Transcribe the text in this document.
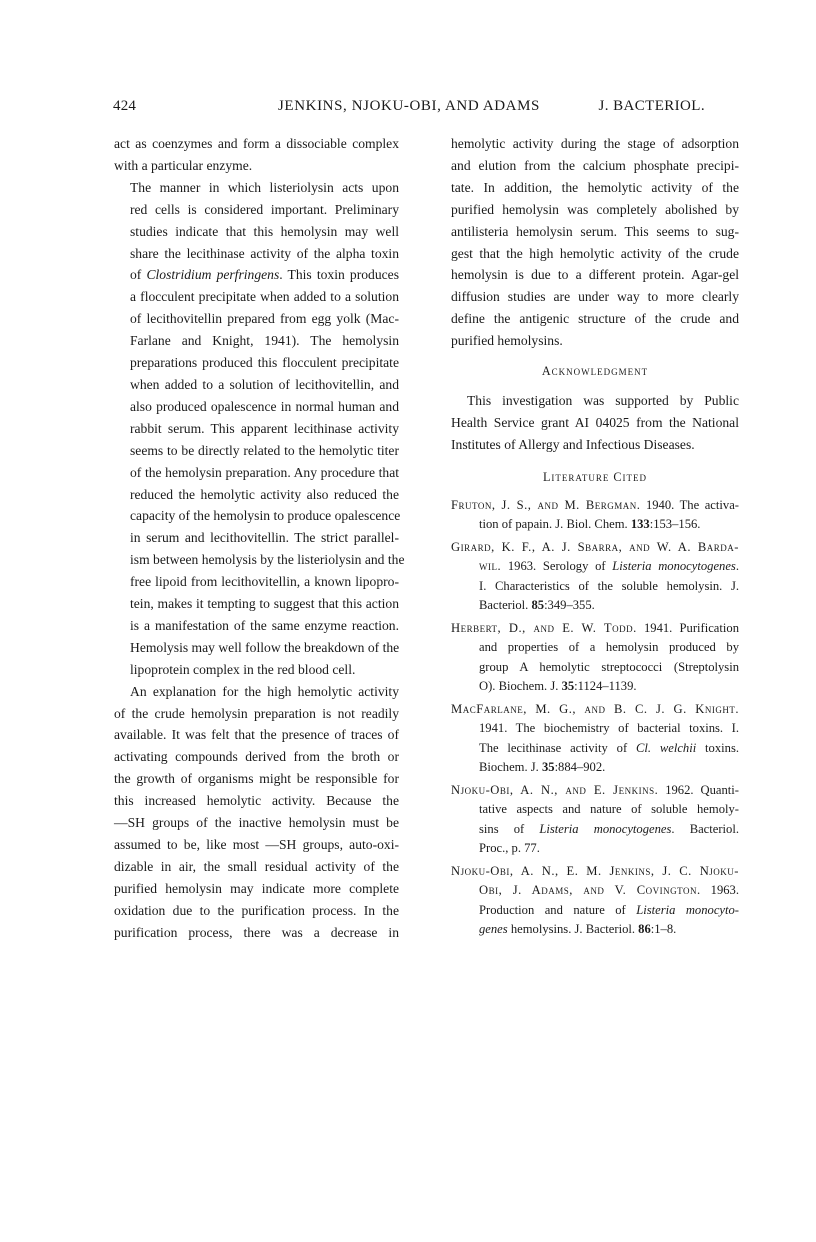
424	JENKINS, NJOKU-OBI, AND ADAMS	J. BACTERIOL.

act as coenzymes and form a dissociable complex
with a particular enzyme.

The manner in which listeriolysin acts upon
red cells is considered important. Preliminary
studies indicate that this hemolysin may well
share the lecithinase activity of the alpha toxin
of Clostridium perfringens. This toxin produces
a flocculent precipitate when added to a solution
of lecithovitellin prepared from egg yolk (Mac-
Farlane and Knight, 1941). The hemolysin
preparations produced this flocculent precipitate
when added to a solution of lecithovitellin, and
also produced opalescence in normal human and
rabbit serum. This apparent lecithinase activity
seems to be directly related to the hemolytic titer
of the hemolysin preparation. Any procedure that
reduced the hemolytic activity also reduced the
capacity of the hemolysin to produce opalescence
in serum and lecithovitellin. The strict parallel-
ism between hemolysis by the listeriolysin and the
free lipoid from lecithovitellin, a known lipopro-
tein, makes it tempting to suggest that this action
is a manifestation of the same enzyme reaction.
Hemolysis may well follow the breakdown of the
lipoprotein complex in the red blood cell.

An explanation for the high hemolytic activity
of the crude hemolysin preparation is not readily
available. It was felt that the presence of traces of
activating compounds derived from the broth or
the growth of organisms might be responsible for
this increased hemolytic activity. Because the
—SH groups of the inactive hemolysin must be
assumed to be, like most —SH groups, auto-oxi-
dizable in air, the small residual activity of the
purified hemolysin may indicate more complete
oxidation due to the purification process. In the
purification process, there was a decrease in

hemolytic activity during the stage of adsorption
and elution from the calcium phosphate precipi-
tate. In addition, the hemolytic activity of the
purified hemolysin was completely abolished by
antilisteria hemolysin serum. This seems to sug-
gest that the high hemolytic activity of the crude
hemolysin is due to a different protein. Agar-gel
diffusion studies are under way to more clearly
define the antigenic structure of the crude and
purified hemolysins.

Acknowledgment

This investigation was supported by Public
Health Service grant AI 04025 from the National
Institutes of Allergy and Infectious Diseases.

Literature Cited
Fruton, J. S., and M. Bergman. 1940. The activa-
tion of papain. J. Biol. Chem. 133:153–156.
Girard, K. F., A. J. Sbarra, and W. A. Barda-
wil. 1963. Serology of Listeria monocytogenes.
I. Characteristics of the soluble hemolysin. J.
Bacteriol. 85:349–355.
Herbert, D., and E. W. Todd. 1941. Purification
and properties of a hemolysin produced by
group A hemolytic streptococci (Streptolysin
O). Biochem. J. 35:1124–1139.
MacFarlane, M. G., and B. C. J. G. Knight.
1941. The biochemistry of bacterial toxins. I.
The lecithinase activity of Cl. welchii toxins.
Biochem. J. 35:884–902.
Njoku-Obi, A. N., and E. Jenkins. 1962. Quanti-
tative aspects and nature of soluble hemoly-
sins of Listeria monocytogenes. Bacteriol.
Proc., p. 77.
Njoku-Obi, A. N., E. M. Jenkins, J. C. Njoku-
Obi, J. Adams, and V. Covington. 1963.
Production and nature of Listeria monocyto-
genes hemolysins. J. Bacteriol. 86:1–8.
